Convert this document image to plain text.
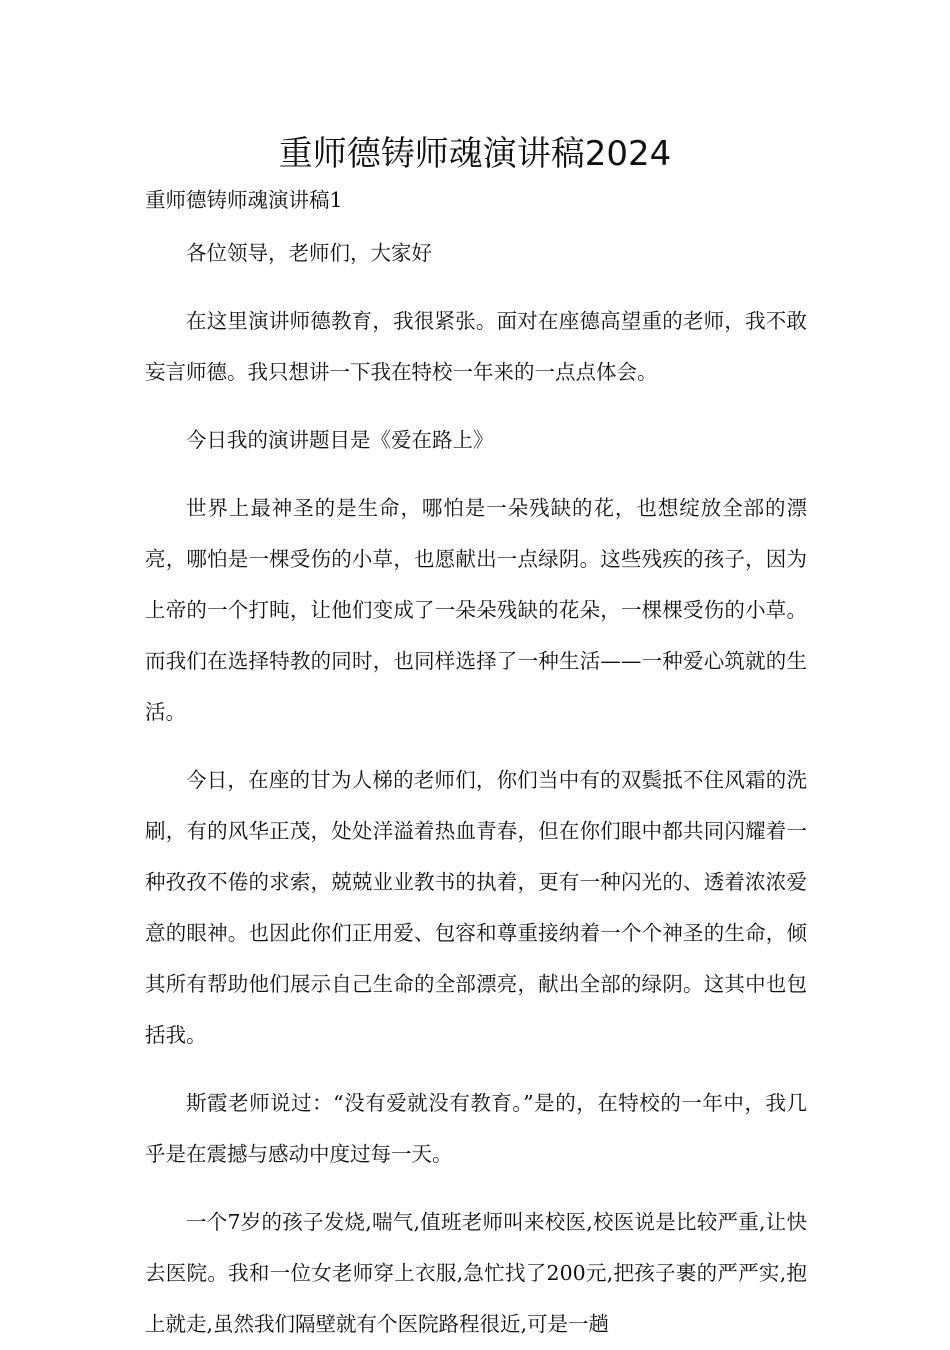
重师德铸师魂演讲稿2024

重师德铸师魂演讲稿1

各位领导，老师们，大家好

在这里演讲师德教育，我很紧张。面对在座德高望重的老师，我不敢妄言师德。我只想讲一下我在特校一年来的一点点体会。

今日我的演讲题目是《爱在路上》

世界上最神圣的是生命，哪怕是一朵残缺的花，也想绽放全部的漂亮，哪怕是一棵受伤的小草，也愿献出一点绿阴。这些残疾的孩子，因为上帝的一个打盹，让他们变成了一朵朵残缺的花朵，一棵棵受伤的小草。而我们在选择特教的同时，也同样选择了一种生活——一种爱心筑就的生活。

今日，在座的甘为人梯的老师们，你们当中有的双鬓抵不住风霜的洗刷，有的风华正茂，处处洋溢着热血青春，但在你们眼中都共同闪耀着一种孜孜不倦的求索，兢兢业业教书的执着，更有一种闪光的、透着浓浓爱意的眼神。也因此你们正用爱、包容和尊重接纳着一个个神圣的生命，倾其所有帮助他们展示自己生命的全部漂亮，献出全部的绿阴。这其中也包括我。

斯霞老师说过：“没有爱就没有教育。”是的，在特校的一年中，我几乎是在震撼与感动中度过每一天。

一个7岁的孩子发烧,喘气,值班老师叫来校医,校医说是比较严重,让快去医院。我和一位女老师穿上衣服,急忙找了200元,把孩子裹的严严实,抱上就走,虽然我们隔壁就有个医院路程很近,可是一趟
